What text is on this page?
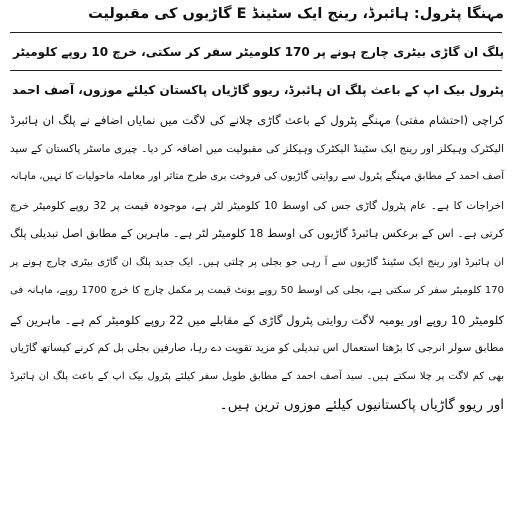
مہنگا پٹرول: ہائبرڈ، رینج ایک سٹینڈ E گاڑیوں کی مقبولیت

پلگ ان گاڑی بیٹری چارج ہونے پر 170 کلومیٹر سفر کر سکتی، خرچ 10 روپے کلومیٹر

پٹرول بیک اپ کے باعث پلگ ان ہائبرڈ، ریوو گاڑیاں پاکستان کیلئے موزوں، آصف احمد

کراچی (احتشام مفتی) مہنگے پٹرول کے باعث گاڑی چلانے کی لاگت میں نمایاں اضافے نے پلگ ان ہائبرڈ

الیکٹرک وہیکلز اور رینج ایک سٹینڈ الیکٹرک وہیکلز کی مقبولیت میں اضافہ کر دیا۔ چیری ماسٹر پاکستان کے سید

آصف احمد کے مطابق مہنگے پٹرول سے روایتی گاڑیوں کی فروخت بری طرح متاثر اور معاملہ ماحولیات کا نہیں، ماہانہ

اخراجات کا ہے۔ عام پٹرول گاڑی جس کی اوسط 10 کلومیٹر لٹر ہے، موجودہ قیمت پر 32 روپے کلومیٹر خرچ

کرتی ہے۔ اس کے برعکس ہائبرڈ گاڑیوں کی اوسط 18 کلومیٹر لٹر ہے۔ ماہرین کے مطابق اصل تبدیلی پلگ

ان ہائبرڈ اور رینج ایک سٹینڈ گاڑیوں سے آ رہی جو بجلی پر چلتی ہیں۔ ایک جدید پلگ ان گاڑی بیٹری چارج ہونے پر

170 کلومیٹر سفر کر سکتی ہے، بجلی کی اوسط 50 روپے یونٹ قیمت پر مکمل چارج کا خرچ 1700 روپے، ماہانہ فی

کلومیٹر 10 روپے اور یومیہ لاگت روایتی پٹرول گاڑی کے مقابلے میں 22 روپے کلومیٹر کم ہے۔ ماہرین کے

مطابق سولر انرجی کا بڑھتا استعمال اس تبدیلی کو مزید تقویت دے رہا، صارفین بجلی بل کم کرنے کیساتھ گاڑیاں

بھی کم لاگت پر چلا سکتے ہیں۔ سید آصف احمد کے مطابق طویل سفر کیلئے پٹرول بیک اپ کے باعث پلگ ان ہائبرڈ

اور ریوو گاڑیاں پاکستانیوں کیلئے موزوں ترین ہیں۔
